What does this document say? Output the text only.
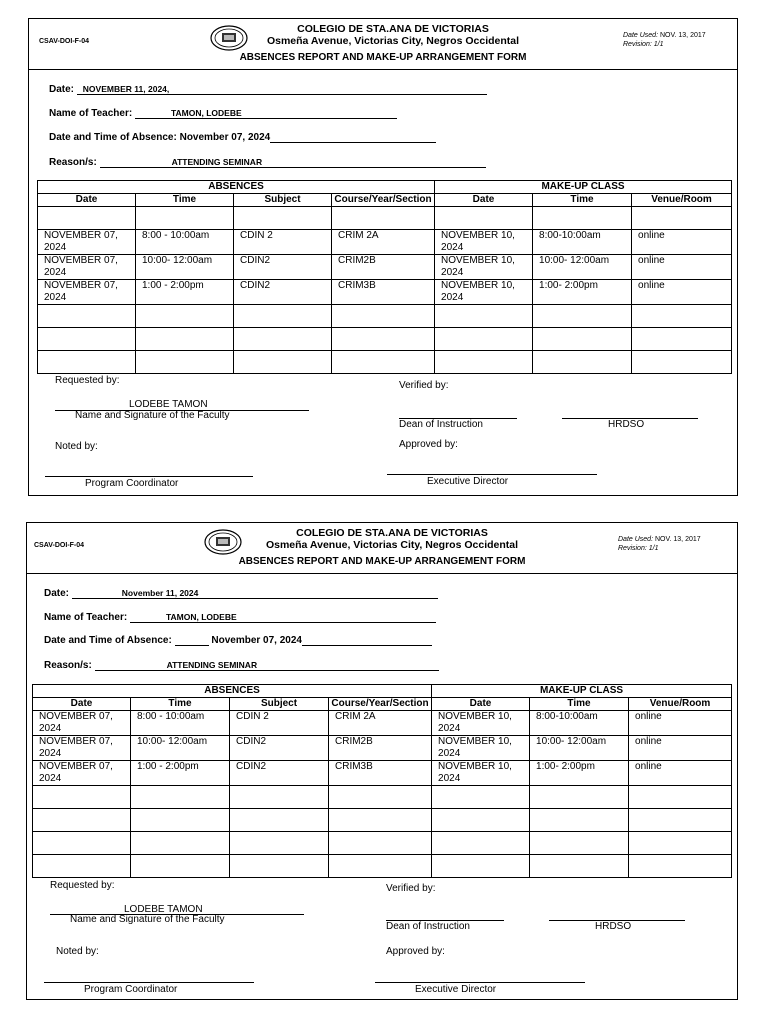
CSAV-DOI-F-04
COLEGIO DE STA.ANA DE VICTORIAS
Osmeña Avenue, Victorias City, Negros Occidental
ABSENCES REPORT AND MAKE-UP ARRANGEMENT FORM
Date Used: NOV. 13, 2017
Revision: 1/1
Date: NOVEMBER 11, 2024,
Name of Teacher:	TAMON, LODEBE
Date and Time of Absence: November 07, 2024
Reason/s:	ATTENDING SEMINAR
ABSENCES				MAKE-UP CLASS		
Date	Time	Subject	Course/Year/Section	Date	Time	Venue/Room

NOVEMBER 07, 2024	8:00 - 10:00am	CDIN 2	CRIM 2A	NOVEMBER 10, 2024	8:00-10:00am	online
NOVEMBER 07, 2024	10:00- 12:00am	CDIN2	CRIM2B	NOVEMBER 10, 2024	10:00- 12:00am	online
NOVEMBER 07, 2024	1:00 - 2:00pm	CDIN2	CRIM3B	NOVEMBER 10, 2024	1:00- 2:00pm	online

Requested by:
LODEBE TAMON
Name and Signature of the Faculty
Verified by:
Dean of Instruction	HRDSO
Noted by:
Program Coordinator
Approved by:
Executive Director
CSAV-DOI-F-04
COLEGIO DE STA.ANA DE VICTORIAS
Osmeña Avenue, Victorias City, Negros Occidental
ABSENCES REPORT AND MAKE-UP ARRANGEMENT FORM
Date Used: NOV. 13, 2017
Revision: 1/1
Date:	November 11, 2024
Name of Teacher:	TAMON, LODEBE
Date and Time of Absence:	November 07, 2024
Reason/s:	ATTENDING SEMINAR
ABSENCES				MAKE-UP CLASS		
Date	Time	Subject	Course/Year/Section	Date	Time	Venue/Room
NOVEMBER 07, 2024	8:00 - 10:00am	CDIN 2	CRIM 2A	NOVEMBER 10, 2024	8:00-10:00am	online
NOVEMBER 07, 2024	10:00- 12:00am	CDIN2	CRIM2B	NOVEMBER 10, 2024	10:00- 12:00am	online
NOVEMBER 07, 2024	1:00 - 2:00pm	CDIN2	CRIM3B	NOVEMBER 10, 2024	1:00- 2:00pm	online

Requested by:
LODEBE TAMON
Name and Signature of the Faculty
Verified by:
Dean of Instruction	HRDSO
Noted by:
Program Coordinator
Approved by:
Executive Director
